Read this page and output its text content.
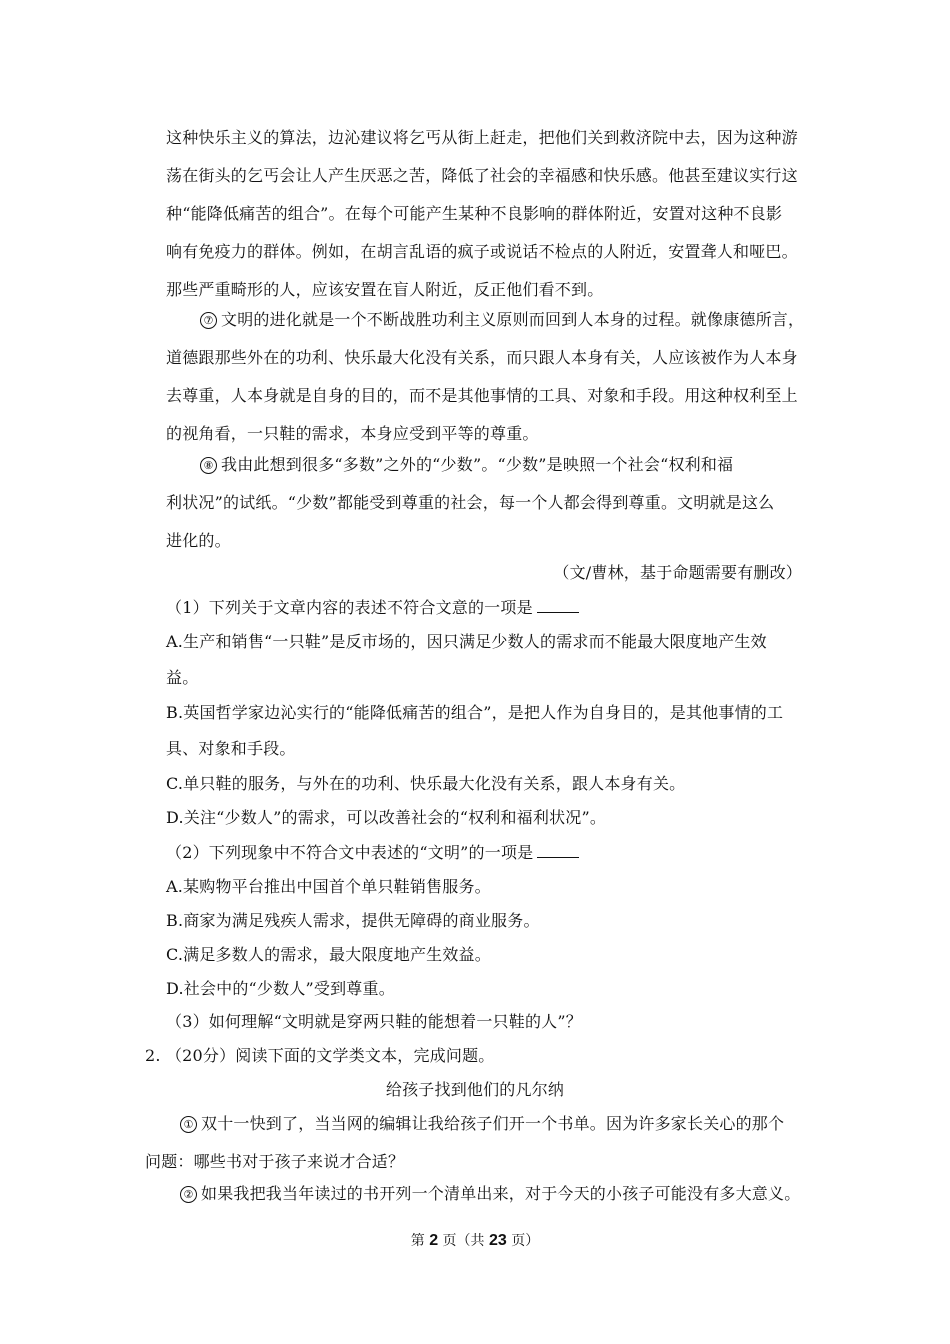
这种快乐主义的算法，边沁建议将乞丐从街上赶走，把他们关到救济院中去，因为这种游
荡在街头的乞丐会让人产生厌恶之苦，降低了社会的幸福感和快乐感。他甚至建议实行这
种“能降低痛苦的组合”。在每个可能产生某种不良影响的群体附近，安置对这种不良影
响有免疫力的群体。例如，在胡言乱语的疯子或说话不检点的人附近，安置聋人和哑巴。
那些严重畸形的人，应该安置在盲人附近，反正他们看不到。
⑦ 文明的进化就是一个不断战胜功利主义原则而回到人本身的过程。就像康德所言，
道德跟那些外在的功利、快乐最大化没有关系，而只跟人本身有关，人应该被作为人本身
去尊重，人本身就是自身的目的，而不是其他事情的工具、对象和手段。用这种权利至上
的视角看，一只鞋的需求，本身应受到平等的尊重。
⑧ 我由此想到很多“多数”之外的“少数”。“少数”是映照一个社会“权利和福
利状况”的试纸。“少数”都能受到尊重的社会，每一个人都会得到尊重。文明就是这么
进化的。
（文/曹林，基于命题需要有删改）
（1）下列关于文章内容的表述不符合文意的一项是
A.生产和销售“一只鞋”是反市场的，因只满足少数人的需求而不能最大限度地产生效
益。
B.英国哲学家边沁实行的“能降低痛苦的组合”，是把人作为自身目的，是其他事情的工
具、对象和手段。
C.单只鞋的服务，与外在的功利、快乐最大化没有关系，跟人本身有关。
D.关注“少数人”的需求，可以改善社会的“权利和福利状况”。
（2）下列现象中不符合文中表述的“文明”的一项是
A.某购物平台推出中国首个单只鞋销售服务。
B.商家为满足残疾人需求，提供无障碍的商业服务。
C.满足多数人的需求，最大限度地产生效益。
D.社会中的“少数人”受到尊重。
（3）如何理解“文明就是穿两只鞋的能想着一只鞋的人”？
2. （20分）阅读下面的文学类文本，完成问题。
给孩子找到他们的凡尔纳
① 双十一快到了，当当网的编辑让我给孩子们开一个书单。因为许多家长关心的那个
问题：哪些书对于孩子来说才合适？
② 如果我把我当年读过的书开列一个清单出来，对于今天的小孩子可能没有多大意义。
第 2 页（共 23 页）
